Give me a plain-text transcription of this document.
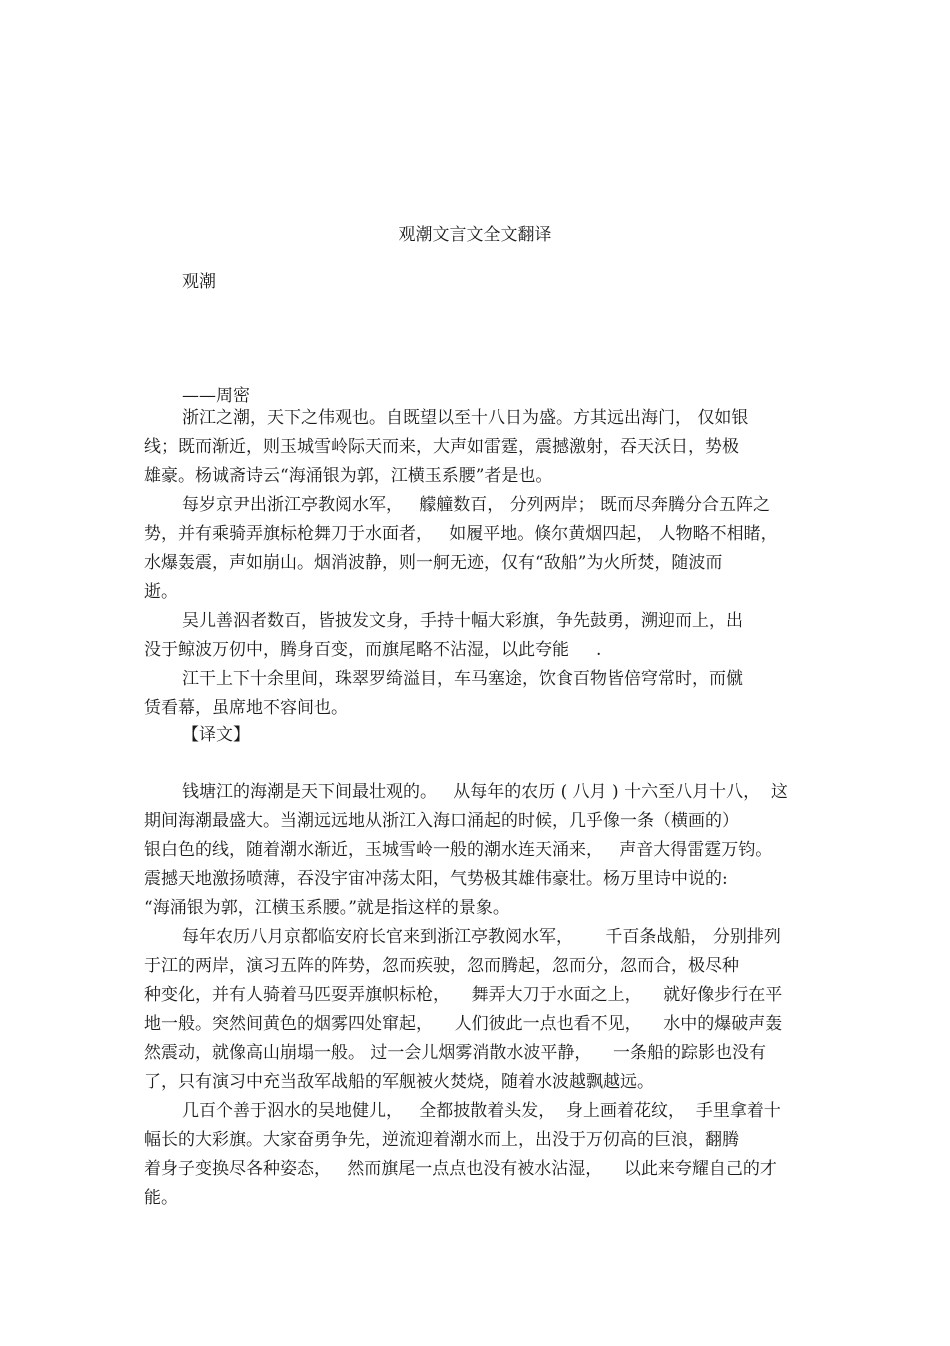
观潮文言文全文翻译
观潮
——周密

浙江之潮，天下之伟观也。自既望以至十八日为盛。方其远出海门， 仅如银

线；既而渐近，则玉城雪岭际天而来，大声如雷霆，震撼激射，吞天沃日，势极

雄豪。杨诚斋诗云“海涌银为郭，江横玉系腰”者是也。

每岁京尹出浙江亭教阅水军，   艨艟数百， 分列两岸； 既而尽奔腾分合五阵之

势，并有乘骑弄旗标枪舞刀于水面者，   如履平地。倏尔黄烟四起， 人物略不相睹，

水爆轰震，声如崩山。烟消波静，则一舸无迹，仅有“敌船”为火所焚，随波而

逝。

吴儿善泅者数百，皆披发文身，手持十幅大彩旗，争先鼓勇，溯迎而上，出

没于鲸波万仞中，腾身百变，而旗尾略不沾湿，以此夸能     .

江干上下十余里间，珠翠罗绮溢目，车马塞途，饮食百物皆倍穹常时，而僦

赁看幕，虽席地不容间也。

【译文】

钱塘江的海潮是天下间最壮观的。   从每年的农历 ( 八月 ) 十六至八月十八，  这

期间海潮最盛大。当潮远远地从浙江入海口涌起的时候，几乎像一条（横画的）

银白色的线，随着潮水渐近，玉城雪岭一般的潮水连天涌来，   声音大得雷霆万钧。

震撼天地激扬喷薄，吞没宇宙冲荡太阳，气势极其雄伟豪壮。杨万里诗中说的:

“海涌银为郭，江横玉系腰。”就是指这样的景象。

每年农历八月京都临安府长官来到浙江亭教阅水军，      千百条战船， 分别排列

于江的两岸，演习五阵的阵势，忽而疾驶，忽而腾起，忽而分，忽而合，极尽种

种变化，并有人骑着马匹耍弄旗帜标枪，    舞弄大刀于水面之上，    就好像步行在平

地一般。突然间黄色的烟雾四处窜起，    人们彼此一点也看不见，    水中的爆破声轰

然震动，就像高山崩塌一般。 过一会儿烟雾消散水波平静，    一条船的踪影也没有

了，只有演习中充当敌军战船的军舰被火焚烧，随着水波越飘越远。

几百个善于泅水的吴地健儿，   全都披散着头发，  身上画着花纹，  手里拿着十

幅长的大彩旗。大家奋勇争先，逆流迎着潮水而上，出没于万仞高的巨浪，翻腾

着身子变换尽各种姿态，   然而旗尾一点点也没有被水沾湿，    以此来夸耀自己的才

能。
